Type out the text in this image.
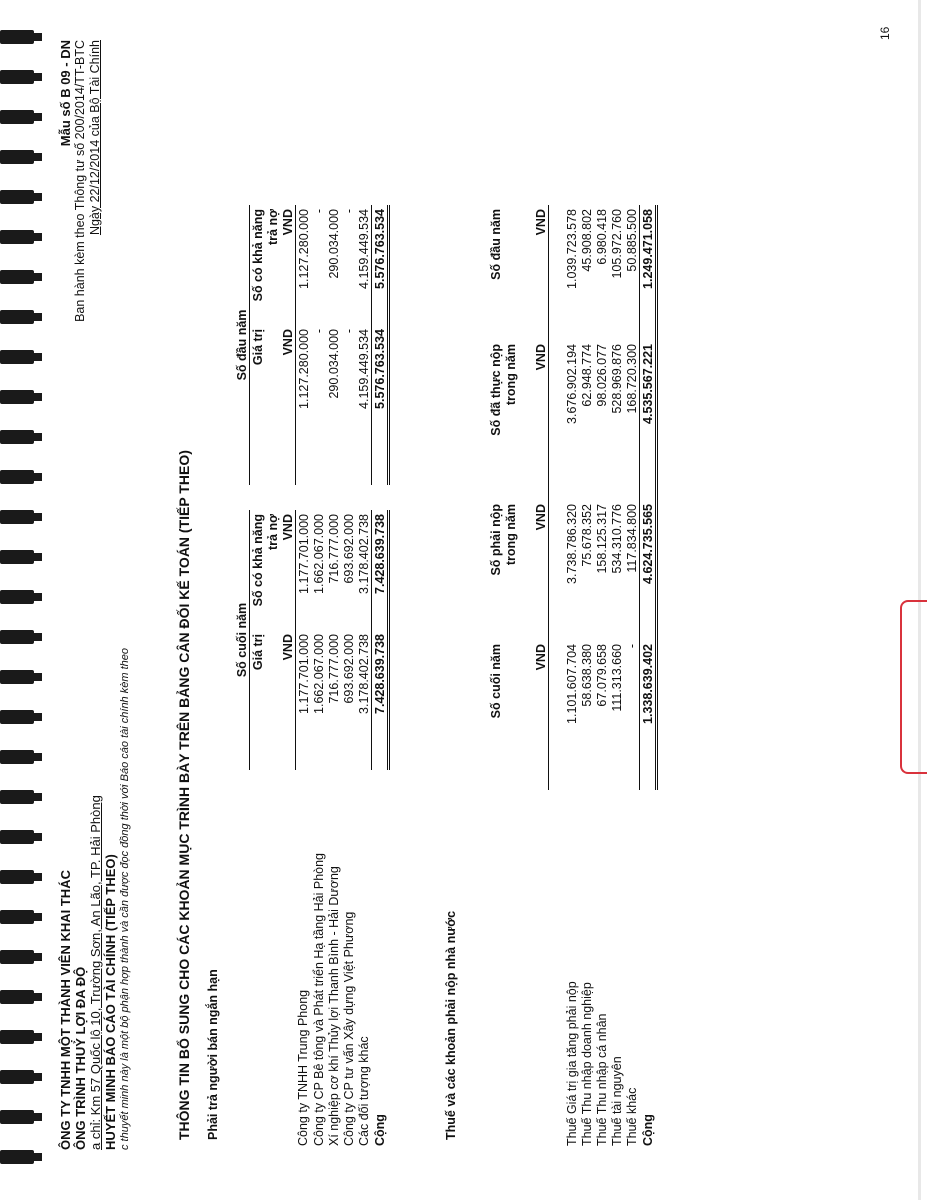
ÔNG TY TNHH MỘT THÀNH VIÊN KHAI THÁC ÔNG TRÌNH THUỶ LỢI ĐA ĐỘ a chỉ: Km 57 Quốc lộ 10, Trường Sơn, An Lão, TP. Hải Phòng HUYẾT MINH BÁO CÁO TÀI CHÍNH (TIẾP THEO) c thuyết minh này là một bộ phận hợp thành và cần được đọc đồng thời với Báo cáo tài chính kèm theo
Mẫu số B 09 - DN Ban hành kèm theo Thông tư số 200/2014/TT-BTC Ngày 22/12/2014 của Bộ Tài Chính
THÔNG TIN BỔ SUNG CHO CÁC KHOẢN MỤC TRÌNH BÀY TRÊN BẢNG CÂN ĐỐI KẾ TOÁN (TIẾP THEO) Phải trả người bán ngắn hạn
	Số cuối năm			Số đầu năm	
	Giá trị	Số có khả năng		Giá trị	Số có khả năng
		trả nợ			trả nợ
	VND	VND		VND	VND
Công ty TNHH Trung Phong	1.177.701.000	1.177.701.000		1.127.280.000	1.127.280.000
Công ty CP Bê tông và Phát triển Hạ tầng Hải Phòng	1.662.067.000	1.662.067.000		-	-
Xí nghiệp cơ khí Thủy lợi Thanh Bình - Hải Dương	716.777.000	716.777.000		290.034.000	290.034.000
Công ty CP tư vấn Xây dựng Việt Phương	693.692.000	693.692.000		-	-
Các đối tượng khác	3.178.402.738	3.178.402.738		4.159.449.534	4.159.449.534
Cộng	7.428.639.738	7.428.639.738		5.576.763.534	5.576.763.534
Thuế và các khoản phải nộp nhà nước
	Số cuối năm	Số phải nộp	Số đã thực nộp	Số đầu năm
		trong năm	trong năm	

	VND	VND	VND	VND

Thuế Giá trị gia tăng phải nộp	1.101.607.704	3.738.786.320	3.676.902.194	1.039.723.578
Thuế Thu nhập doanh nghiệp	58.638.380	75.678.352	62.948.774	45.908.802
Thuế Thu nhập cá nhân	67.079.658	158.125.317	98.026.077	6.980.418
Thuế tài nguyên	111.313.660	534.310.776	528.969.876	105.972.760
Thuế khác	-	117.834.800	168.720.300	50.885.500
Cộng	1.338.639.402	4.624.735.565	4.535.567.221	1.249.471.058
16
